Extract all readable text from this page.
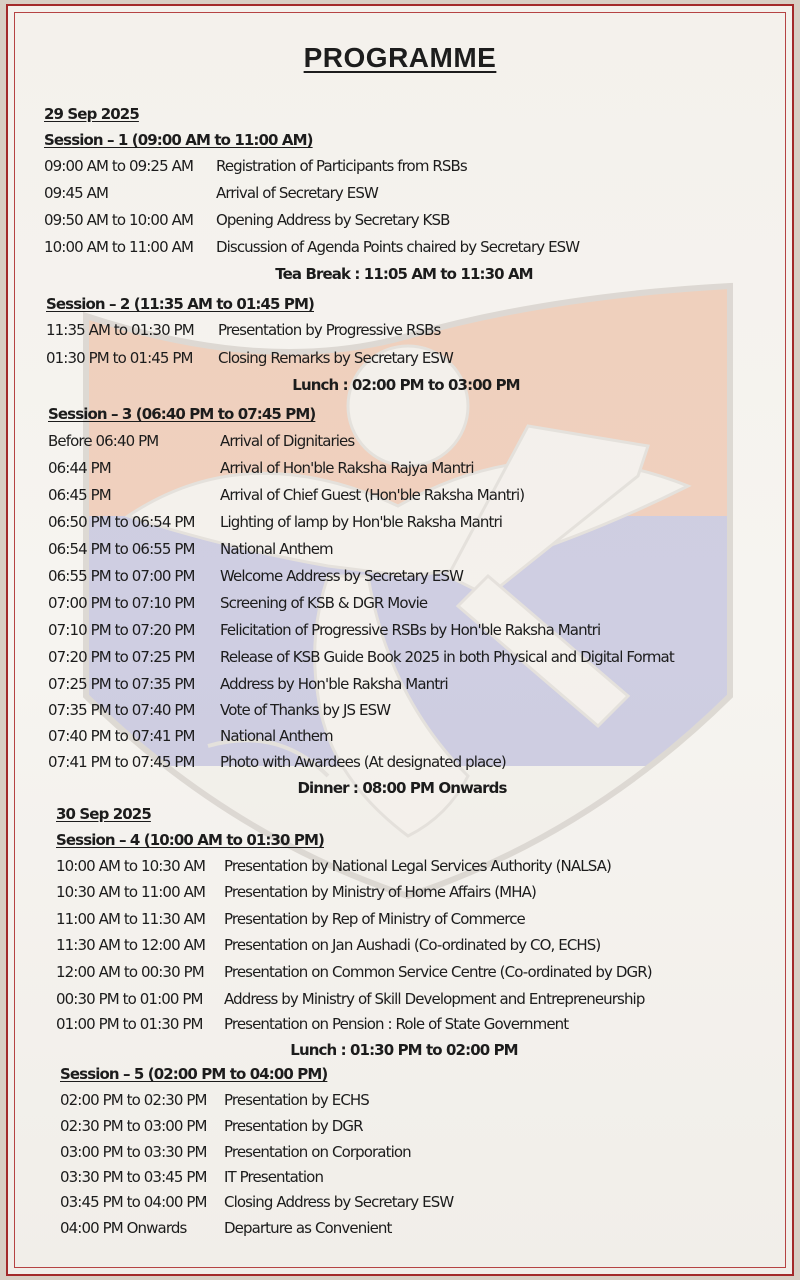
PROGRAMME
29 Sep 2025
Session – 1 (09:00 AM to 11:00 AM)
09:00 AM to 09:25 AM Registration of Participants from RSBs
09:45 AM	Arrival of Secretary ESW
09:50 AM to 10:00 AM Opening Address by Secretary KSB
10:00 AM to 11:00 AM Discussion of Agenda Points chaired by Secretary ESW
Tea Break : 11:05 AM to 11:30 AM
Session – 2 (11:35 AM to 01:45 PM)
11:35 AM to 01:30 PM Presentation by Progressive RSBs
01:30 PM to 01:45 PM Closing Remarks by Secretary ESW
Lunch : 02:00 PM to 03:00 PM
Session – 3 (06:40 PM to 07:45 PM)
Before 06:40 PM	Arrival of Dignitaries
06:44 PM	Arrival of Hon'ble Raksha Rajya Mantri
06:45 PM	Arrival of Chief Guest (Hon'ble Raksha Mantri)
06:50 PM to 06:54 PM Lighting of lamp by Hon'ble Raksha Mantri
06:54 PM to 06:55 PM National Anthem
06:55 PM to 07:00 PM Welcome Address by Secretary ESW
07:00 PM to 07:10 PM Screening of KSB & DGR Movie
07:10 PM to 07:20 PM Felicitation of Progressive RSBs by Hon'ble Raksha Mantri
07:20 PM to 07:25 PM Release of KSB Guide Book 2025 in both Physical and Digital Format
07:25 PM to 07:35 PM Address by Hon'ble Raksha Mantri
07:35 PM to 07:40 PM Vote of Thanks by JS ESW
07:40 PM to 07:41 PM National Anthem
07:41 PM to 07:45 PM Photo with Awardees (At designated place)
Dinner : 08:00 PM Onwards
30 Sep 2025
Session – 4 (10:00 AM to 01:30 PM)
10:00 AM to 10:30 AM Presentation by National Legal Services Authority (NALSA)
10:30 AM to 11:00 AM Presentation by Ministry of Home Affairs (MHA)
11:00 AM to 11:30 AM Presentation by Rep of Ministry of Commerce
11:30 AM to 12:00 AM Presentation on Jan Aushadi (Co-ordinated by CO, ECHS)
12:00 AM to 00:30 PM Presentation on Common Service Centre (Co-ordinated by DGR)
00:30 PM to 01:00 PM Address by Ministry of Skill Development and Entrepreneurship
01:00 PM to 01:30 PM Presentation on Pension : Role of State Government
Lunch : 01:30 PM to 02:00 PM
Session – 5 (02:00 PM to 04:00 PM)
02:00 PM to 02:30 PM Presentation by ECHS
02:30 PM to 03:00 PM Presentation by DGR
03:00 PM to 03:30 PM Presentation on Corporation
03:30 PM to 03:45 PM IT Presentation
03:45 PM to 04:00 PM Closing Address by Secretary ESW
04:00 PM Onwards	Departure as Convenient
